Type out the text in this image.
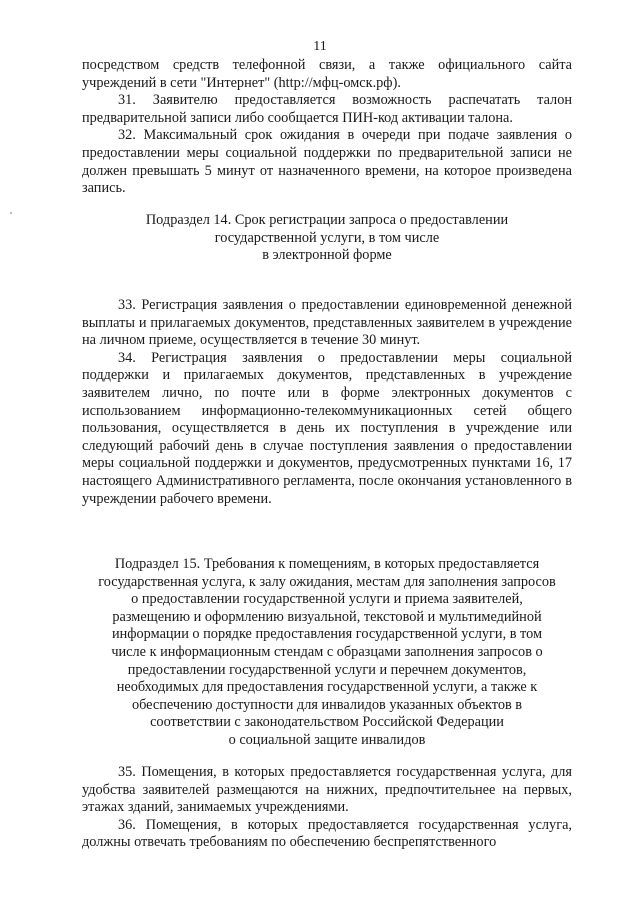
11

посредством средств телефонной связи, а также официального сайта учреждений в сети "Интернет" (http://мфц-омск.рф).

31. Заявителю предоставляется возможность распечатать талон предварительной записи либо сообщается ПИН-код активации талона.

32. Максимальный срок ожидания в очереди при подаче заявления о предоставлении меры социальной поддержки по предварительной записи не должен превышать 5 минут от назначенного времени, на которое произведена запись.

Подраздел 14. Срок регистрации запроса о предоставлении
государственной услуги, в том числе
в электронной форме

33. Регистрация заявления о предоставлении единовременной денежной выплаты и прилагаемых документов, представленных заявителем в учреждение на личном приеме, осуществляется в течение 30 минут.

34. Регистрация заявления о предоставлении меры социальной поддержки и прилагаемых документов, представленных в учреждение заявителем лично, по почте или в форме электронных документов с использованием информационно-телекоммуникационных сетей общего пользования, осуществляется в день их поступления в учреждение или следующий рабочий день в случае поступления заявления о предоставлении меры социальной поддержки и документов, предусмотренных пунктами 16, 17 настоящего Административного регламента, после окончания установленного в учреждении рабочего времени.

Подраздел 15. Требования к помещениям, в которых предоставляется
государственная услуга, к залу ожидания, местам для заполнения запросов
о предоставлении государственной услуги и приема заявителей,
размещению и оформлению визуальной, текстовой и мультимедийной
информации о порядке предоставления государственной услуги, в том
числе к информационным стендам с образцами заполнения запросов о
предоставлении государственной услуги и перечнем документов,
необходимых для предоставления государственной услуги, а также к
обеспечению доступности для инвалидов указанных объектов в
соответствии с законодательством Российской Федерации
о социальной защите инвалидов

35. Помещения, в которых предоставляется государственная услуга, для удобства заявителей размещаются на нижних, предпочтительнее на первых, этажах зданий, занимаемых учреждениями.

36. Помещения, в которых предоставляется государственная услуга, должны отвечать требованиям по обеспечению беспрепятственного
